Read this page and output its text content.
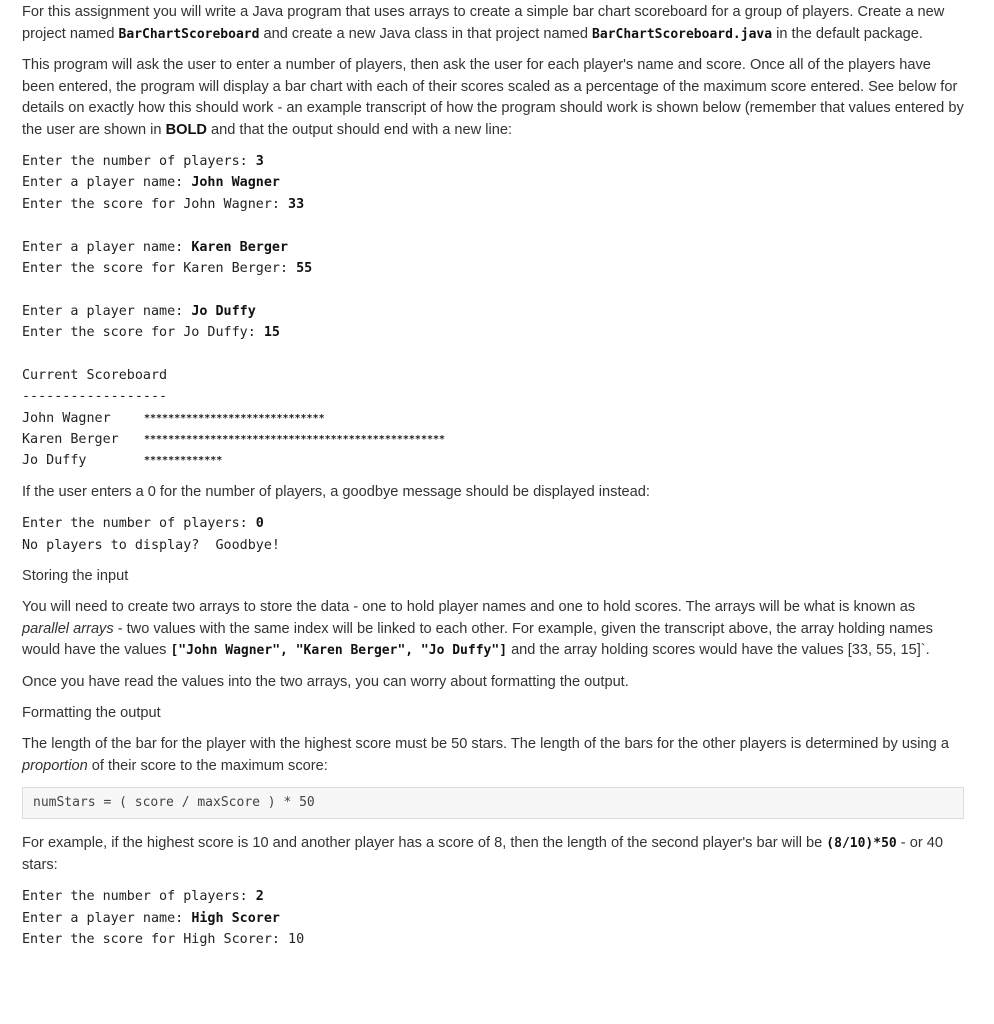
For this assignment you will write a Java program that uses arrays to create a simple bar chart scoreboard for a group of players. Create a new project named BarChartScoreboard and create a new Java class in that project named BarChartScoreboard.java in the default package.

This program will ask the user to enter a number of players, then ask the user for each player's name and score. Once all of the players have been entered, the program will display a bar chart with each of their scores scaled as a percentage of the maximum score entered. See below for details on exactly how this should work - an example transcript of how the program should work is shown below (remember that values entered by the user are shown in BOLD and that the output should end with a new line:

Enter the number of players: 3
Enter a player name: John Wagner
Enter the score for John Wagner: 33
Enter a player name: Karen Berger
Enter the score for Karen Berger: 55
Enter a player name: Jo Duffy
Enter the score for Jo Duffy: 15
Current Scoreboard
------------------
John Wagner	******************************
Karen Berger	**************************************************
Jo Duffy	*************

If the user enters a 0 for the number of players, a goodbye message should be displayed instead:

Enter the number of players: 0
No players to display?  Goodbye!
Storing the input

You will need to create two arrays to store the data - one to hold player names and one to hold scores. The arrays will be what is known as parallel arrays - two values with the same index will be linked to each other. For example, given the transcript above, the array holding names would have the values ["John Wagner", "Karen Berger", "Jo Duffy"] and the array holding scores would have the values [33, 55, 15]`.

Once you have read the values into the two arrays, you can worry about formatting the output.

Formatting the output

The length of the bar for the player with the highest score must be 50 stars. The length of the bars for the other players is determined by using a proportion of their score to the maximum score:

numStars = ( score / maxScore ) * 50

For example, if the highest score is 10 and another player has a score of 8, then the length of the second player's bar will be (8/10)*50 - or 40 stars:

Enter the number of players: 2
Enter a player name: High Scorer
Enter the score for High Scorer: 10
